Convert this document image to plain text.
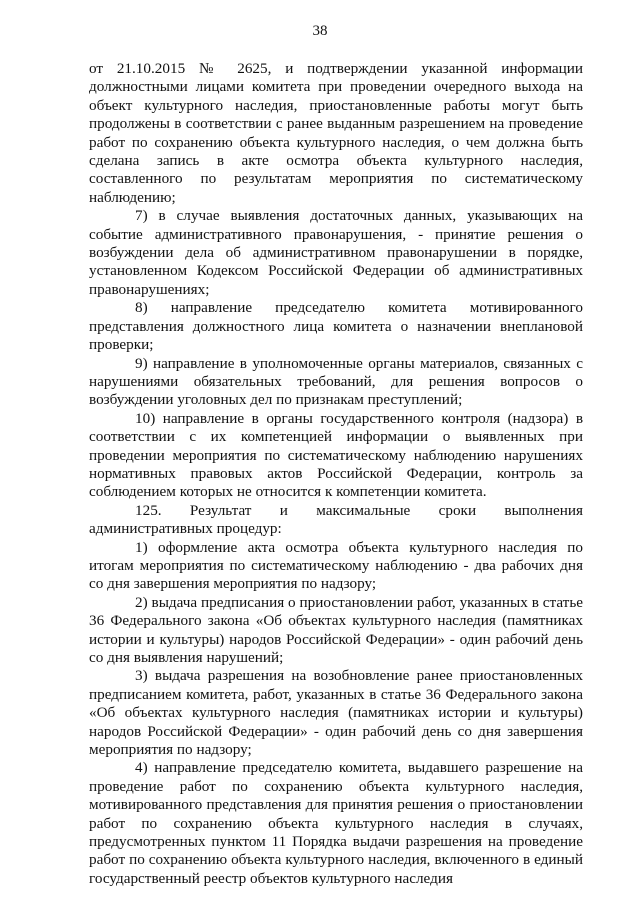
38

от 21.10.2015 № 2625, и подтверждении указанной информации должностными лицами комитета при проведении очередного выхода на объект культурного наследия, приостановленные работы могут быть продолжены в соответствии с ранее выданным разрешением на проведение работ по сохранению объекта культурного наследия, о чем должна быть сделана запись в акте осмотра объекта культурного наследия, составленного по результатам мероприятия по систематическому наблюдению;

7) в случае выявления достаточных данных, указывающих на событие административного правонарушения, - принятие решения о возбуждении дела об административном правонарушении в порядке, установленном Кодексом Российской Федерации об административных правонарушениях;

8) направление председателю комитета мотивированного представления должностного лица комитета о назначении внеплановой проверки;

9) направление в уполномоченные органы материалов, связанных с нарушениями обязательных требований, для решения вопросов о возбуждении уголовных дел по признакам преступлений;

10) направление в органы государственного контроля (надзора) в соответствии с их компетенцией информации о выявленных при проведении мероприятия по систематическому наблюдению нарушениях нормативных правовых актов Российской Федерации, контроль за соблюдением которых не относится к компетенции комитета.

125. Результат и максимальные сроки выполнения административных процедур:

1) оформление акта осмотра объекта культурного наследия по итогам мероприятия по систематическому наблюдению - два рабочих дня со дня завершения мероприятия по надзору;

2) выдача предписания о приостановлении работ, указанных в статье 36 Федерального закона «Об объектах культурного наследия (памятниках истории и культуры) народов Российской Федерации» - один рабочий день со дня выявления нарушений;

3) выдача разрешения на возобновление ранее приостановленных предписанием комитета, работ, указанных в статье 36 Федерального закона «Об объектах культурного наследия (памятниках истории и культуры) народов Российской Федерации» - один рабочий день со дня завершения мероприятия по надзору;

4) направление председателю комитета, выдавшего разрешение на проведение работ по сохранению объекта культурного наследия, мотивированного представления для принятия решения о приостановлении работ по сохранению объекта культурного наследия в случаях, предусмотренных пунктом 11 Порядка выдачи разрешения на проведение работ по сохранению объекта культурного наследия, включенного в единый государственный реестр объектов культурного наследия
